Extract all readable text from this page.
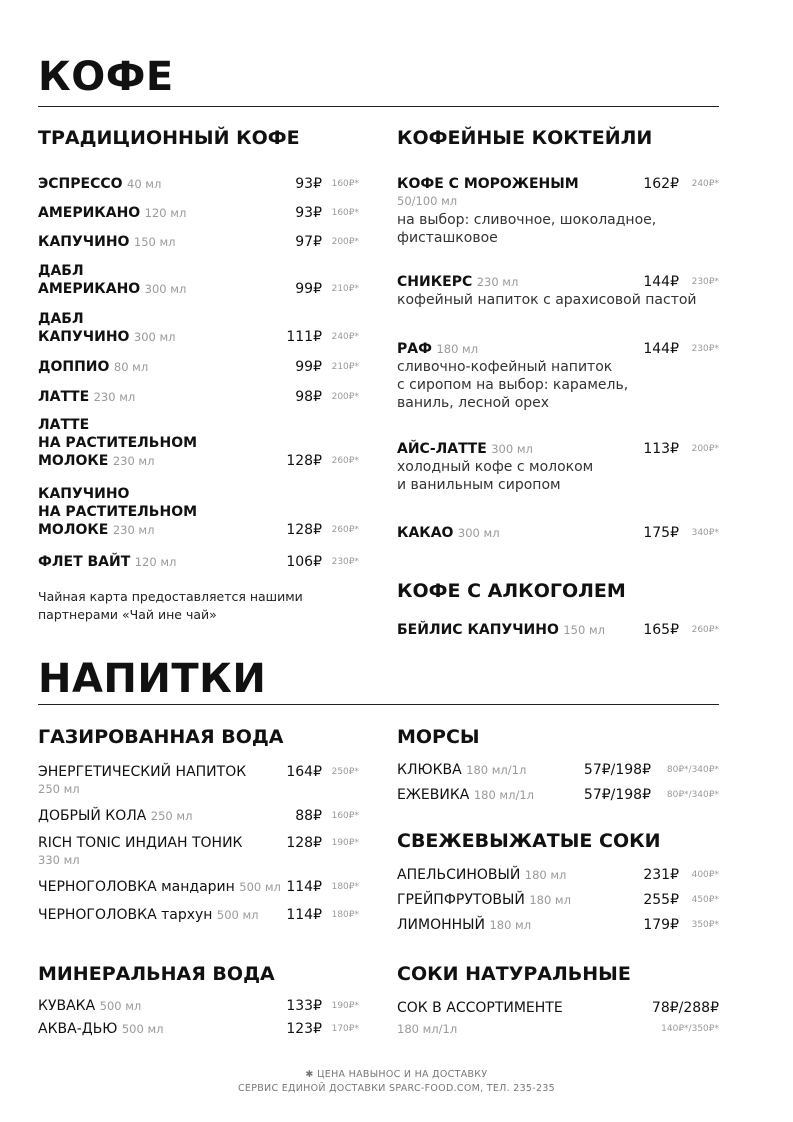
КОФЕ
ТРАДИЦИОННЫЙ КОФЕ	КОФЕЙНЫЕ КОКТЕЙЛИ
ЭСПРЕССО 40 мл	93₽	160₽*
АМЕРИКАНО 120 мл	93₽	160₽*
КАПУЧИНО 150 мл	97₽	200₽*
ДАБЛ
АМЕРИКАНО 300 мл	99₽	210₽*
ДАБЛ
КАПУЧИНО 300 мл	111₽	240₽*
ДОППИО 80 мл	99₽	210₽*
ЛАТТЕ 230 мл	98₽	200₽*
ЛАТТЕ
НА РАСТИТЕЛЬНОМ
МОЛОКЕ 230 мл	128₽	260₽*
КАПУЧИНО
НА РАСТИТЕЛЬНОМ
МОЛОКЕ 230 мл	128₽	260₽*
ФЛЕТ ВАЙТ 120 мл	106₽	230₽*
Чайная карта предоставляется нашими
партнерами «Чай ине чай»
КОФЕ С МОРОЖЕНЫМ	162₽	240₽*
50/100 мл
на выбор: сливочное, шоколадное,
фисташковое
СНИКЕРС 230 мл	144₽	230₽*
кофейный напиток с арахисовой пастой
РАФ 180 мл	144₽	230₽*
сливочно-кофейный напиток
с сиропом на выбор: карамель,
ваниль, лесной орех
АЙС-ЛАТТЕ 300 мл	113₽	200₽*
холодный кофе с молоком
и ванильным сиропом
КАКАО 300 мл	175₽	340₽*
КОФЕ С АЛКОГОЛЕМ
БЕЙЛИС КАПУЧИНО 150 мл	165₽	260₽*
НАПИТКИ
ГАЗИРОВАННАЯ ВОДА	МОРСЫ
ЭНЕРГЕТИЧЕСКИЙ НАПИТОК	164₽	250₽*
250 мл
ДОБРЫЙ КОЛА 250 мл	88₽	160₽*
RICH TONIC ИНДИАН ТОНИК	128₽	190₽*
330 мл
ЧЕРНОГОЛОВКА мандарин 500 мл 114₽	180₽*
ЧЕРНОГОЛОВКА тархун 500 мл	114₽	180₽*
КЛЮКВА 180 мл/1л	57₽/198₽	80₽*/340₽*
ЕЖЕВИКА 180 мл/1л	57₽/198₽	80₽*/340₽*
СВЕЖЕВЫЖАТЫЕ СОКИ
АПЕЛЬСИНОВЫЙ 180 мл	231₽	400₽*
ГРЕЙПФРУТОВЫЙ 180 мл	255₽	450₽*
ЛИМОННЫЙ 180 мл	179₽	350₽*
МИНЕРАЛЬНАЯ ВОДА	СОКИ НАТУРАЛЬНЫЕ
КУВАКА 500 мл	133₽	190₽*
АКВА-ДЬЮ 500 мл	123₽	170₽*
СОК В АССОРТИМЕНТЕ	78₽/288₽
180 мл/1л	140₽*/350₽*
✱ ЦЕНА НАВЫНОС И НА ДОСТАВКУ
СЕРВИС ЕДИНОЙ ДОСТАВКИ SPARC-FOOD.COM, ТЕЛ. 235-235
